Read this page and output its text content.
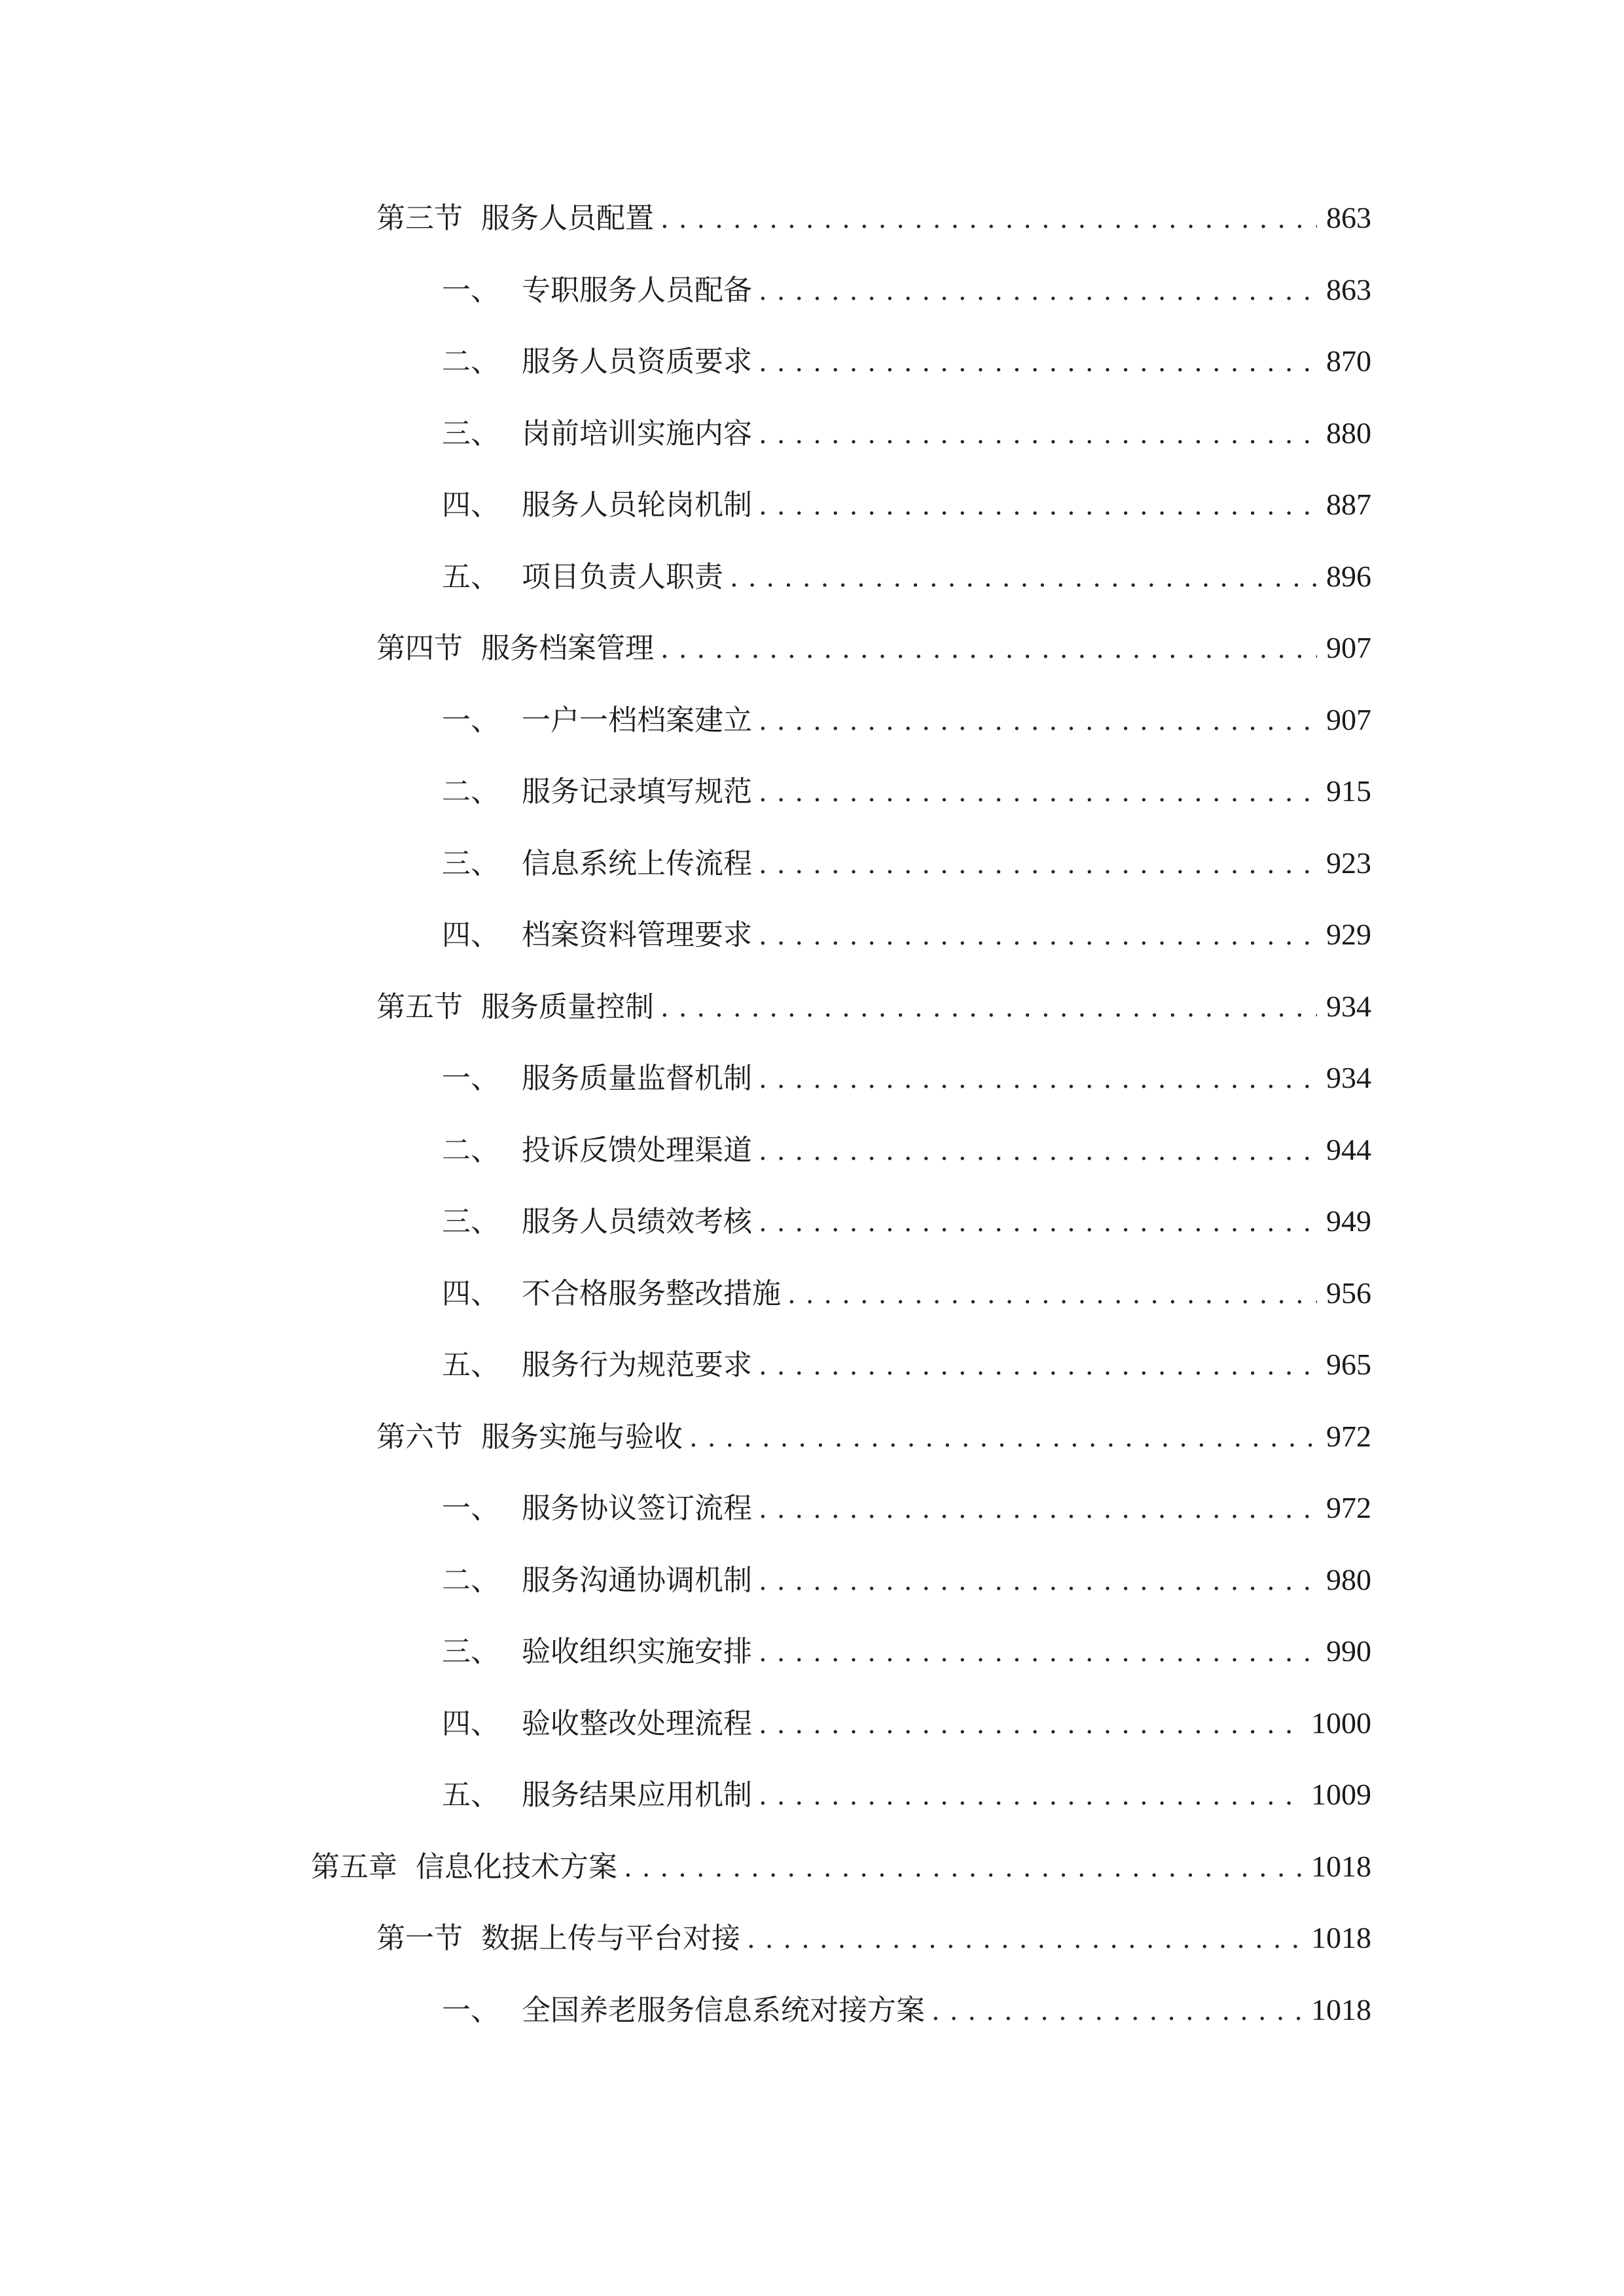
第三节 服务人员配置 .....	863
一、 专职服务人员配备 .....	863
二、 服务人员资质要求 .....	870
三、 岗前培训实施内容 .....	880
四、 服务人员轮岗机制 .....	887
五、 项目负责人职责 .....	896
第四节 服务档案管理 .....	907
一、 一户一档档案建立 .....	907
二、 服务记录填写规范 .....	915
三、 信息系统上传流程 .....	923
四、 档案资料管理要求 .....	929
第五节 服务质量控制 .....	934
一、 服务质量监督机制 .....	934
二、 投诉反馈处理渠道 .....	944
三、 服务人员绩效考核 .....	949
四、 不合格服务整改措施 .....	956
五、 服务行为规范要求 .....	965
第六节 服务实施与验收 .....	972
一、 服务协议签订流程 .....	972
二、 服务沟通协调机制 .....	980
三、 验收组织实施安排 .....	990
四、 验收整改处理流程 .....	1000
五、 服务结果应用机制 .....	1009
第五章 信息化技术方案 .....	1018
第一节 数据上传与平台对接 .....	1018
一、 全国养老服务信息系统对接方案 .....	1018
